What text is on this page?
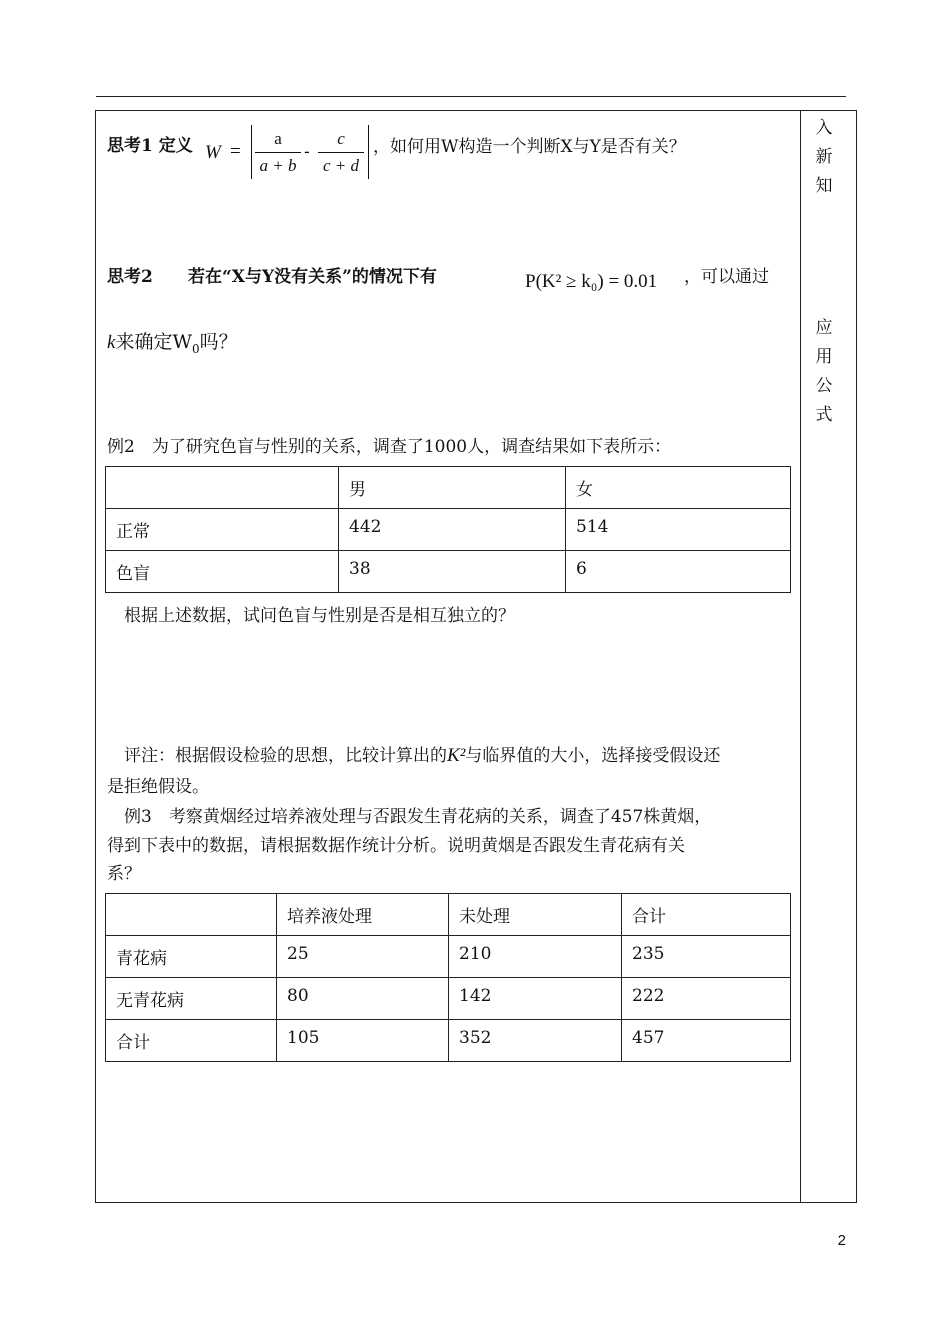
入
新
知
应
用
公
式
思考1 定义 W =
a
a + b
-
c
c + d
，如何用W构造一个判断X与Y是否有关？
思考2 若在“X与Y没有关系”的情况下有	P(K² ≥ k₀) = 0.01 ，可以通过
k来确定$W_0$吗？
例2　为了研究色盲与性别的关系，调查了1000人，调查结果如下表所示：
	男	女
正常	442	514
色盲	38	6
根据上述数据，试问色盲与性别是否是相互独立的？
评注：根据假设检验的思想，比较计算出的K²与临界值的大小，选择接受假设还
是拒绝假设。
例3　考察黄烟经过培养液处理与否跟发生青花病的关系，调查了457株黄烟，
得到下表中的数据，请根据数据作统计分析。说明黄烟是否跟发生青花病有关
系？
	培养液处理	未处理	合计
青花病	25	210	235
无青花病	80	142	222
合计	105	352	457
2
